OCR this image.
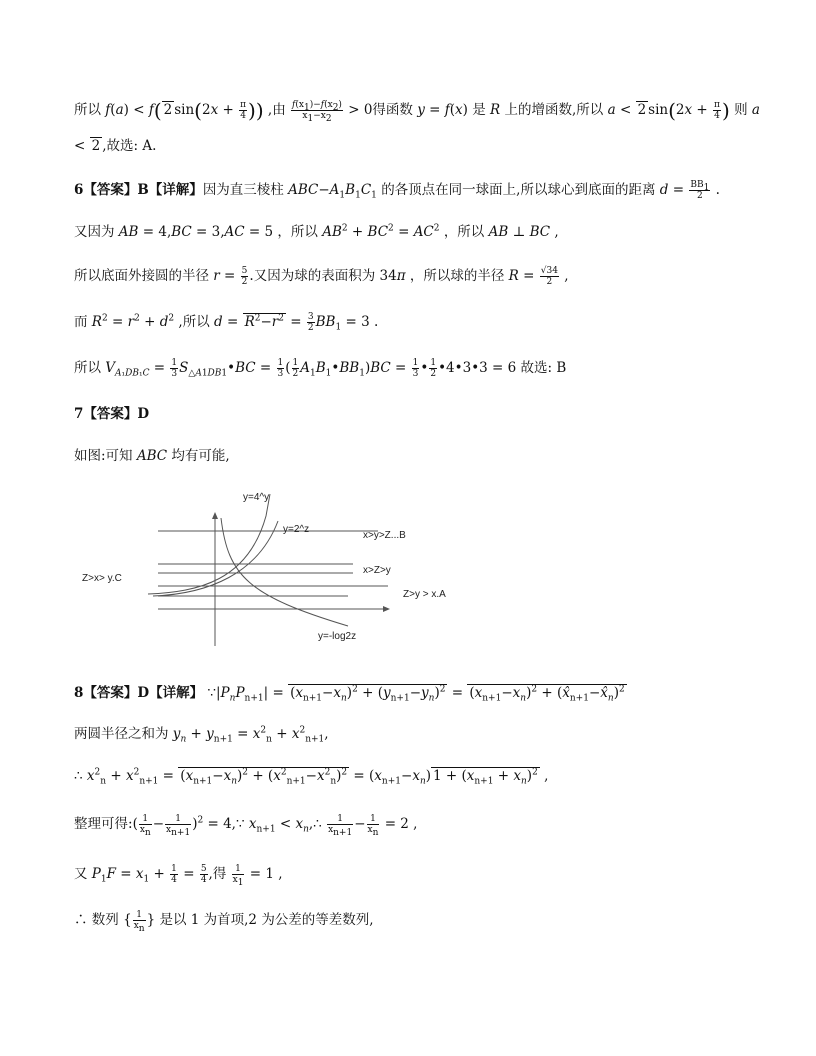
所以 f(a) < f( 2 $\sin(2x + \frac{\pi}{4}$ )) ,由 $\frac{f(x_1)-f(x_2)}{x_1-x_2} > 0$得函数 y = f(x) 是 R 上的增函数,所以 a < 2 $\sin(2x + \frac{\pi}{4}$ ) 则 a
< 2 ,故选: A.
6【答案】B【详解】因为直三棱柱 $ABC-A_1B_1C_1$ 的各顶点在同一球面上,所以球心到底面的距离 $d = \frac{BB_1}{2}$ .
又因为 AB = 4,BC = 3,AC = 5 ，所以 $AB^2 + BC^2 = AC^2$ ，所以 AB ⊥ BC ,
所以底面外接圆的半径 $r = \frac{5}{2}$ .又因为球的表面积为 34π ，所以球的半径 $R = \frac{√34}{2}$ ,
而 $R^2 = r^2 + d^2$ ,所以 $d = R^2-r^2 = \frac{3}{2} BB_1 = 3$ .
所以 $V_{A_1DB_1C} = \frac{1}{3}$ $S_{\triangle A1DB1}•BC = \frac{1}{3}$ ( $\frac{1}{2}$ $A_1B_1•BB_1)BC = \frac{1}{3}$ • $\frac{1}{2}$ •4•3•3 = 6 故选: B
7【答案】D
如图:可知 ABC 均有可能,
y=4^y
y=2^z
y=-log2z
x>y>Z...B
x>Z>y
Z>y > x.A
Z>x> y.C
8【答案】D【详解】 $\because|P_nP_{n+1}| = (x_{n+1}-x_n)^2 + (y_{n+1}-y_n)^2 = (x_{n+1}-x_n)^2$ + $(x̂_{n+1}-x̂_n)^2$
两圆半径之和为 $y_n + y_{n+1} = x^2_n + x^2_{n+1}$,
∴ $x^2_n + x^2_{n+1} = (x_{n+1}-x_n)^2 + (x^2_{n+1}-x^2_n)^2 = (x_{n+1}-x_n) 1 + (x_{n+1} + x_n)^2$ ,
整理可得:( $\frac{1}{x_n} - \frac{1}{x_{n+1}} )^2$ = 4,∵ $x_{n+1}$ < $x_n,\therefore \frac{1}{x_{n+1}} - \frac{1}{x_n} = 2$ ,
又 $P_1F = x_1 + \frac{1}{4} = \frac{5}{4}$ ,得 $\frac{1}{x_1} = 1$ ,
∴ 数列 { $\frac{1}{x_n}$ } 是以 1 为首项,2 为公差的等差数列,
